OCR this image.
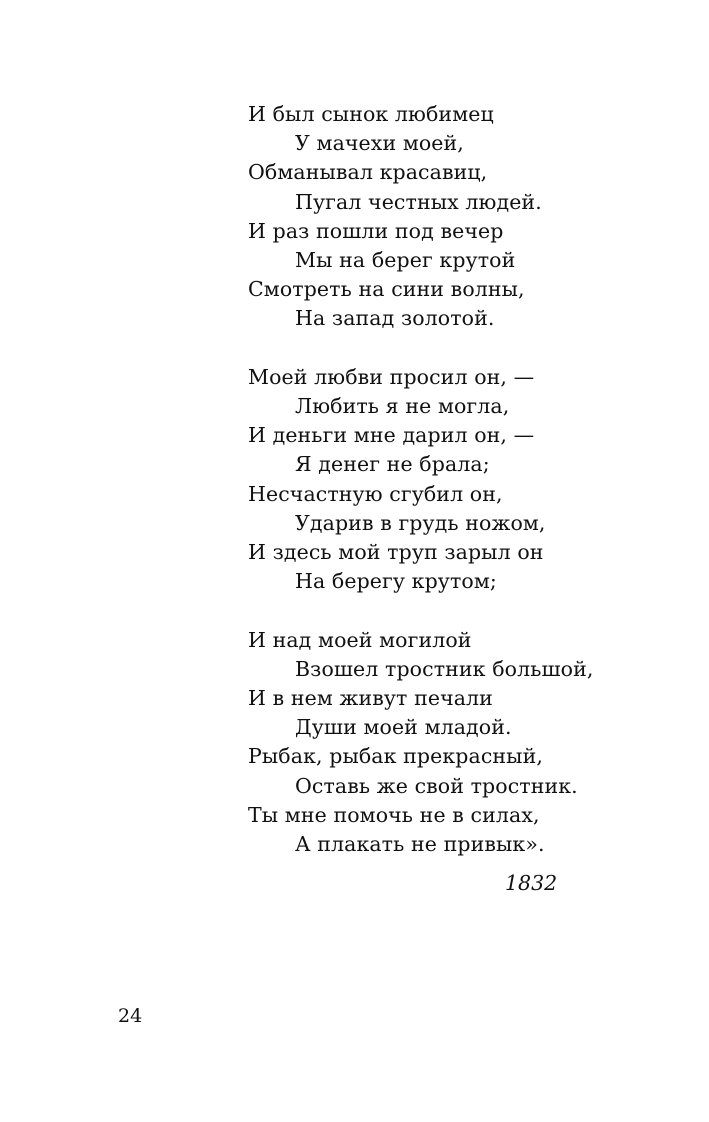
И был сынок любимец
У мачехи моей,
Обманывал красавиц,
Пугал честных людей.
И раз пошли под вечер
Мы на берег крутой
Смотреть на сини волны,
На запад золотой.
Моей любви просил он, —
Любить я не могла,
И деньги мне дарил он, —
Я денег не брала;
Несчастную сгубил он,
Ударив в грудь ножом,
И здесь мой труп зарыл он
На берегу крутом;
И над моей могилой
Взошел тростник большой,
И в нем живут печали
Души моей младой.
Рыбак, рыбак прекрасный,
Оставь же свой тростник.
Ты мне помочь не в силах,
А плакать не привык».
1832
24
